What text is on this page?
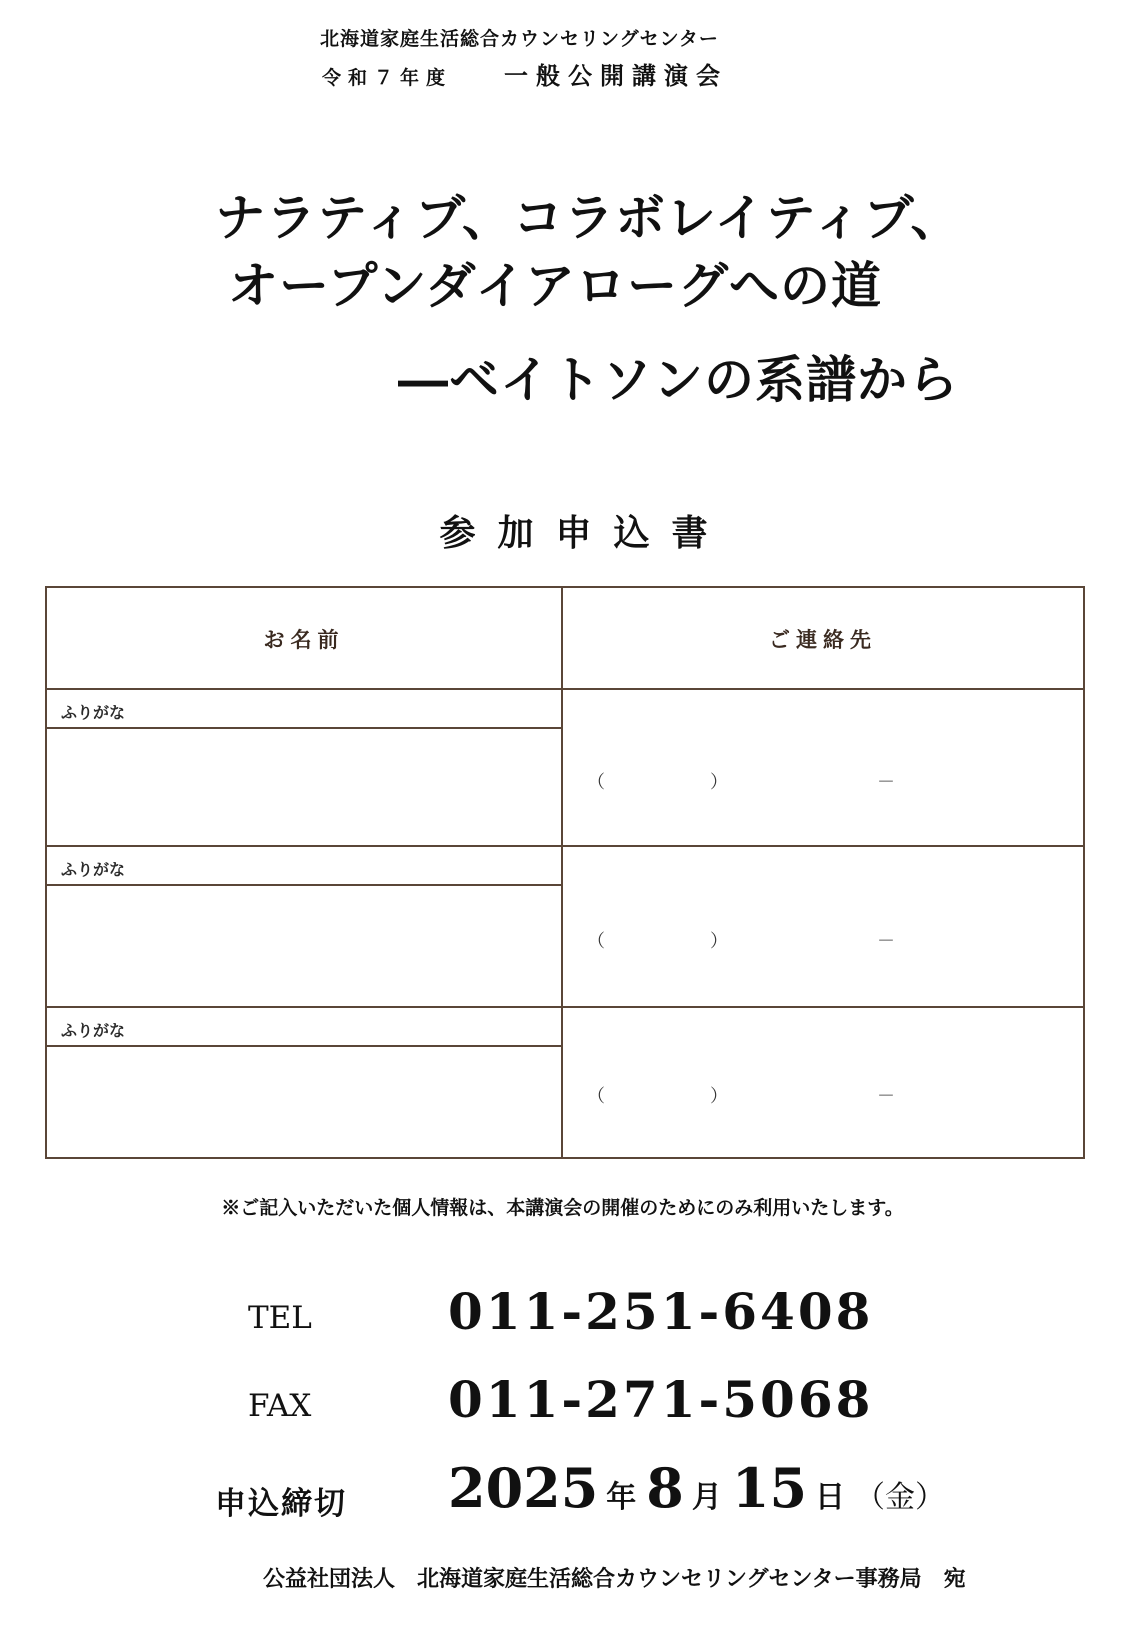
北海道家庭生活総合カウンセリングセンター
令和７年度 一般公開講演会
ナラティブ、コラボレイティブ、
オープンダイアローグへの道
―ベイトソンの系譜から
参加申込書
お名前	ご連絡先
ふりがな
（	）	－
ふりがな
（	）	－
ふりがな
（	）	－
※ご記入いただいた個人情報は、本講演会の開催のためにのみ利用いたします。
TEL	011-251-6408
FAX	011-271-5068
申込締切 2025 年 8 月 15 日 （金）
公益社団法人　北海道家庭生活総合カウンセリングセンター事務局　宛
